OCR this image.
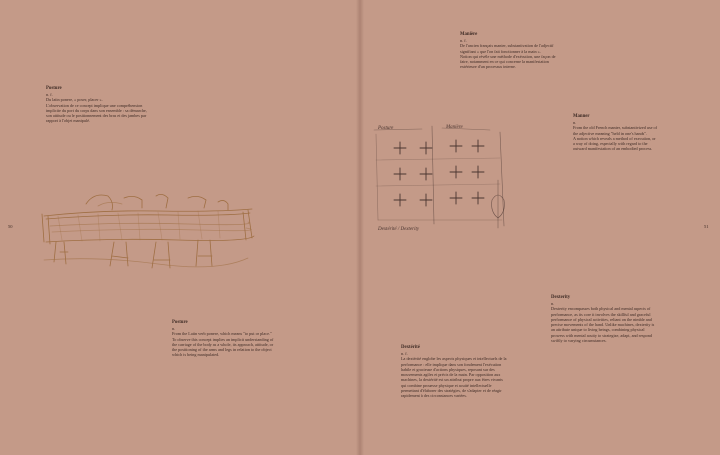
50	51
Posture
n. f.

Du latin ponere, « poser, placer ».

L'observation de ce concept implique une compréhension

implicite du port du corps dans son ensemble : sa démarche,

son attitude ou le positionnement des bras et des jambes par

rapport à l'objet manipulé.

Posture
n.

From the Latin verb ponere, which means "to put or place."

To observe this concept implies an implicit understanding of

the carriage of the body as a whole, its approach, attitude, or

the positioning of the arms and legs in relation to the object

which is being manipulated.

Manière
n. f.

De l'ancien français manier, substantivation de l'adjectif

signifiant « que l'on fait fonctionner à la main ».

Notion qui révèle une méthode d'exécution, une façon de

faire, notamment en ce qui concerne la manifestation

extérieure d'un processus interne.

Manner
n.

From the old French manier, substantivized use of

the adjective meaning "held in one's hands".

A notion which reveals a method of execution, or

a way of doing, especially with regard to the

outward manifestation of an embodied process.

Dexterity
n.

Dexterity encompasses both physical and mental aspects of

performance, as its core it involves the skillful and graceful

performance of physical activities, reliant on the nimble and

precise movements of the hand. Unlike machines, dexterity is

an attribute unique to living beings, combining physical

prowess with mental acuity to strategize, adapt, and respond

swiftly to varying circumstances.

Dextérité
n. f.

La dextérité englobe les aspects physiques et intellectuels de la

performance : elle implique dans son fondement l'exécution

habile et gracieuse d'actions physiques, reposant sur des

mouvements agiles et précis de la main. Par opposition aux

machines, la dextérité est un attribut propre aux êtres vivants

qui combine prouesse physique et acuité intellectuelle

permettant d'élaborer des stratégies, de s'adapter et de réagir

rapidement à des circonstances variées.

Posture	Manière
Dextérité / Dexterity
